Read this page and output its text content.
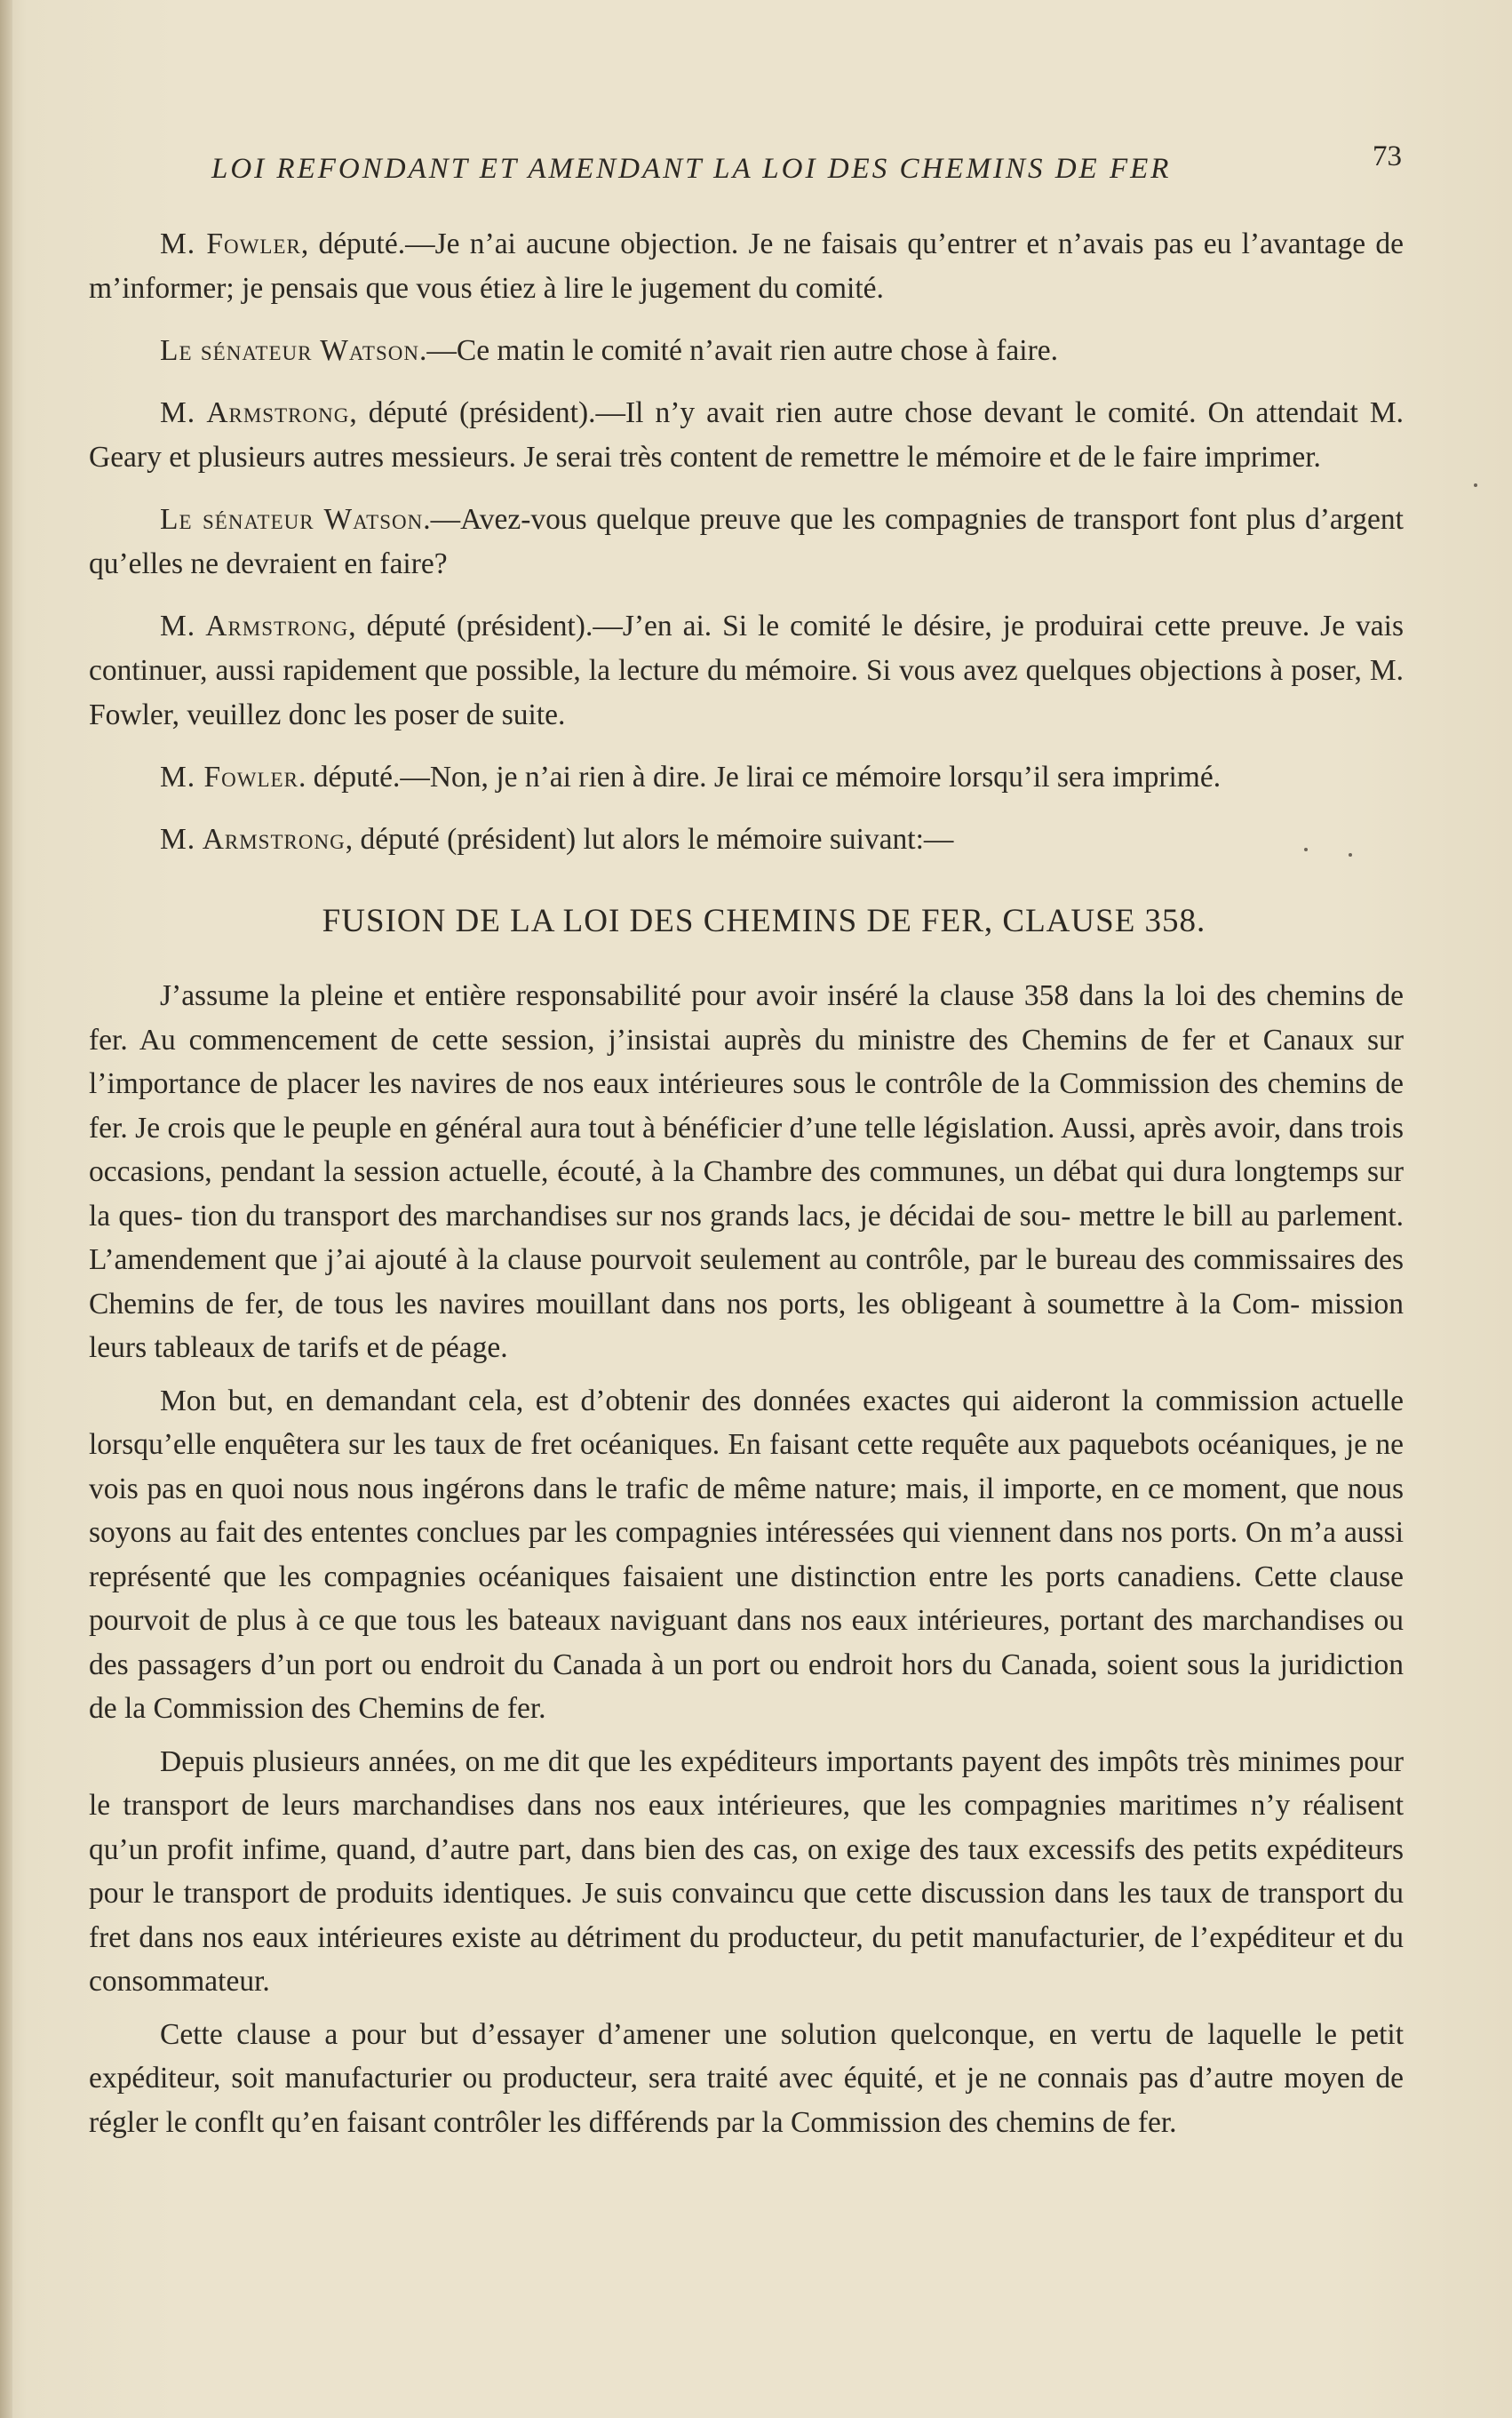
LOI REFONDANT ET AMENDANT LA LOI DES CHEMINS DE FER	73

M. Fowler, député.—Je n’ai aucune objection. Je ne faisais qu’entrer et n’avais pas eu l’avantage de m’informer; je pensais que vous étiez à lire le jugement du comité.

Le sénateur Watson.—Ce matin le comité n’avait rien autre chose à faire.

M. Armstrong, député (président).—Il n’y avait rien autre chose devant le comité. On attendait M. Geary et plusieurs autres messieurs. Je serai très content de remettre le mémoire et de le faire imprimer.

Le sénateur Watson.—Avez-vous quelque preuve que les compagnies de transport font plus d’argent qu’elles ne devraient en faire?

M. Armstrong, député (président).—J’en ai. Si le comité le désire, je produirai cette preuve. Je vais continuer, aussi rapidement que possible, la lecture du mémoire. Si vous avez quelques objections à poser, M. Fowler, veuillez donc les poser de suite.

M. Fowler. député.—Non, je n’ai rien à dire. Je lirai ce mémoire lorsqu’il sera imprimé.

M. Armstrong, député (président) lut alors le mémoire suivant:—

FUSION DE LA LOI DES CHEMINS DE FER, CLAUSE 358.

J’assume la pleine et entière responsabilité pour avoir inséré la clause 358 dans la loi des chemins de fer. Au commencement de cette session, j’insistai auprès du ministre des Chemins de fer et Canaux sur l’importance de placer les navires de nos eaux intérieures sous le contrôle de la Commission des chemins de fer. Je crois que le peuple en général aura tout à bénéficier d’une telle législation. Aussi, après avoir, dans trois occasions, pendant la session actuelle, écouté, à la Chambre des communes, un débat qui dura longtemps sur la ques- tion du transport des marchandises sur nos grands lacs, je décidai de sou- mettre le bill au parlement. L’amendement que j’ai ajouté à la clause pourvoit seulement au contrôle, par le bureau des commissaires des Chemins de fer, de tous les navires mouillant dans nos ports, les obligeant à soumettre à la Com- mission leurs tableaux de tarifs et de péage.

Mon but, en demandant cela, est d’obtenir des données exactes qui aideront la commission actuelle lorsqu’elle enquêtera sur les taux de fret océaniques. En faisant cette requête aux paquebots océaniques, je ne vois pas en quoi nous nous ingérons dans le trafic de même nature; mais, il importe, en ce moment, que nous soyons au fait des ententes conclues par les compagnies intéressées qui viennent dans nos ports. On m’a aussi représenté que les compagnies océaniques faisaient une distinction entre les ports canadiens. Cette clause pourvoit de plus à ce que tous les bateaux naviguant dans nos eaux intérieures, portant des marchandises ou des passagers d’un port ou endroit du Canada à un port ou endroit hors du Canada, soient sous la juridiction de la Commission des Chemins de fer.

Depuis plusieurs années, on me dit que les expéditeurs importants payent des impôts très minimes pour le transport de leurs marchandises dans nos eaux intérieures, que les compagnies maritimes n’y réalisent qu’un profit infime, quand, d’autre part, dans bien des cas, on exige des taux excessifs des petits expéditeurs pour le transport de produits identiques. Je suis convaincu que cette discussion dans les taux de transport du fret dans nos eaux intérieures existe au détriment du producteur, du petit manufacturier, de l’expéditeur et du consommateur.

Cette clause a pour but d’essayer d’amener une solution quelconque, en vertu de laquelle le petit expéditeur, soit manufacturier ou producteur, sera traité avec équité, et je ne connais pas d’autre moyen de régler le conflt qu’en faisant contrôler les différends par la Commission des chemins de fer.
